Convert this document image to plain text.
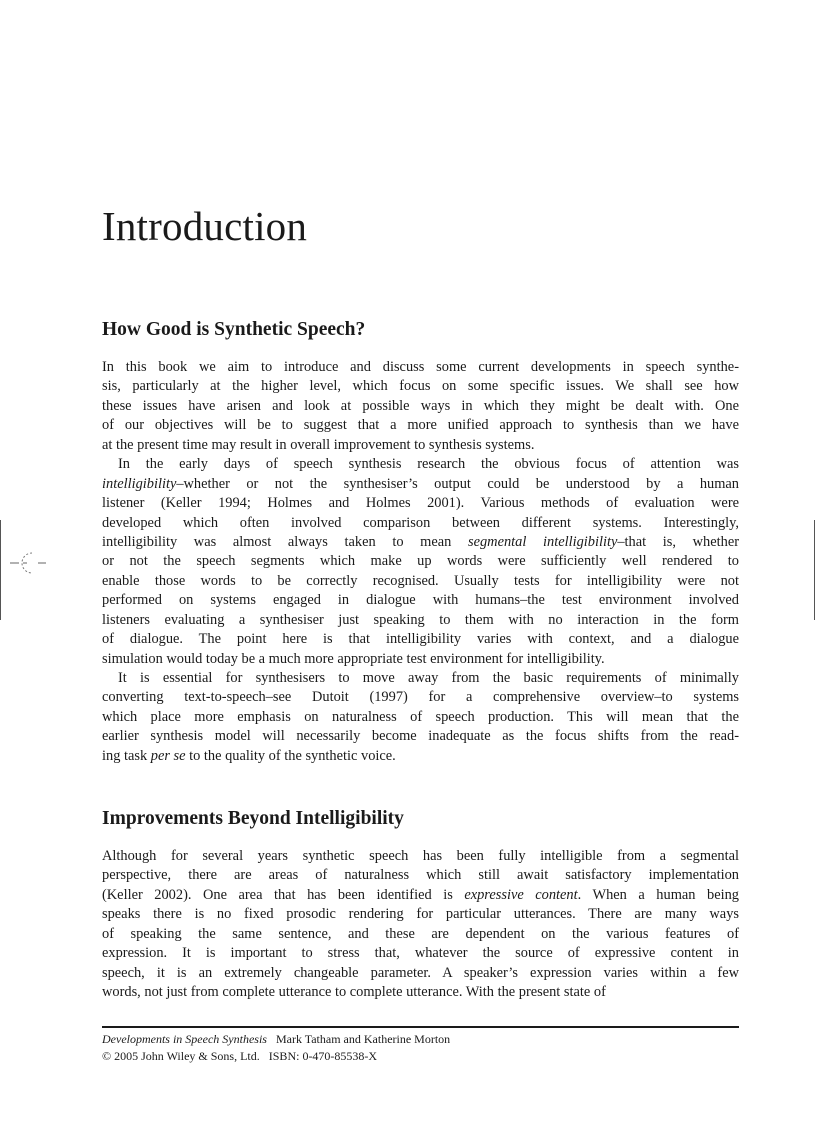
Introduction
How Good is Synthetic Speech?
In this book we aim to introduce and discuss some current developments in speech synthe-
sis, particularly at the higher level, which focus on some specific issues. We shall see how
these issues have arisen and look at possible ways in which they might be dealt with. One
of our objectives will be to suggest that a more unified approach to synthesis than we have
at the present time may result in overall improvement to synthesis systems.
In the early days of speech synthesis research the obvious focus of attention was
intelligibility–whether or not the synthesiser’s output could be understood by a human
listener (Keller 1994; Holmes and Holmes 2001). Various methods of evaluation were
developed which often involved comparison between different systems. Interestingly,
intelligibility was almost always taken to mean segmental intelligibility–that is, whether
or not the speech segments which make up words were sufficiently well rendered to
enable those words to be correctly recognised. Usually tests for intelligibility were not
performed on systems engaged in dialogue with humans–the test environment involved
listeners evaluating a synthesiser just speaking to them with no interaction in the form
of dialogue. The point here is that intelligibility varies with context, and a dialogue
simulation would today be a much more appropriate test environment for intelligibility.
It is essential for synthesisers to move away from the basic requirements of minimally
converting text-to-speech–see Dutoit (1997) for a comprehensive overview–to systems
which place more emphasis on naturalness of speech production. This will mean that the
earlier synthesis model will necessarily become inadequate as the focus shifts from the read-
ing task per se to the quality of the synthetic voice.
Improvements Beyond Intelligibility
Although for several years synthetic speech has been fully intelligible from a segmental
perspective, there are areas of naturalness which still await satisfactory implementation
(Keller 2002). One area that has been identified is expressive content. When a human being
speaks there is no fixed prosodic rendering for particular utterances. There are many ways
of speaking the same sentence, and these are dependent on the various features of
expression. It is important to stress that, whatever the source of expressive content in
speech, it is an extremely changeable parameter. A speaker’s expression varies within a few
words, not just from complete utterance to complete utterance. With the present state of
Developments in Speech Synthesis Mark Tatham and Katherine Morton
© 2005 John Wiley & Sons, Ltd. ISBN: 0-470-85538-X
